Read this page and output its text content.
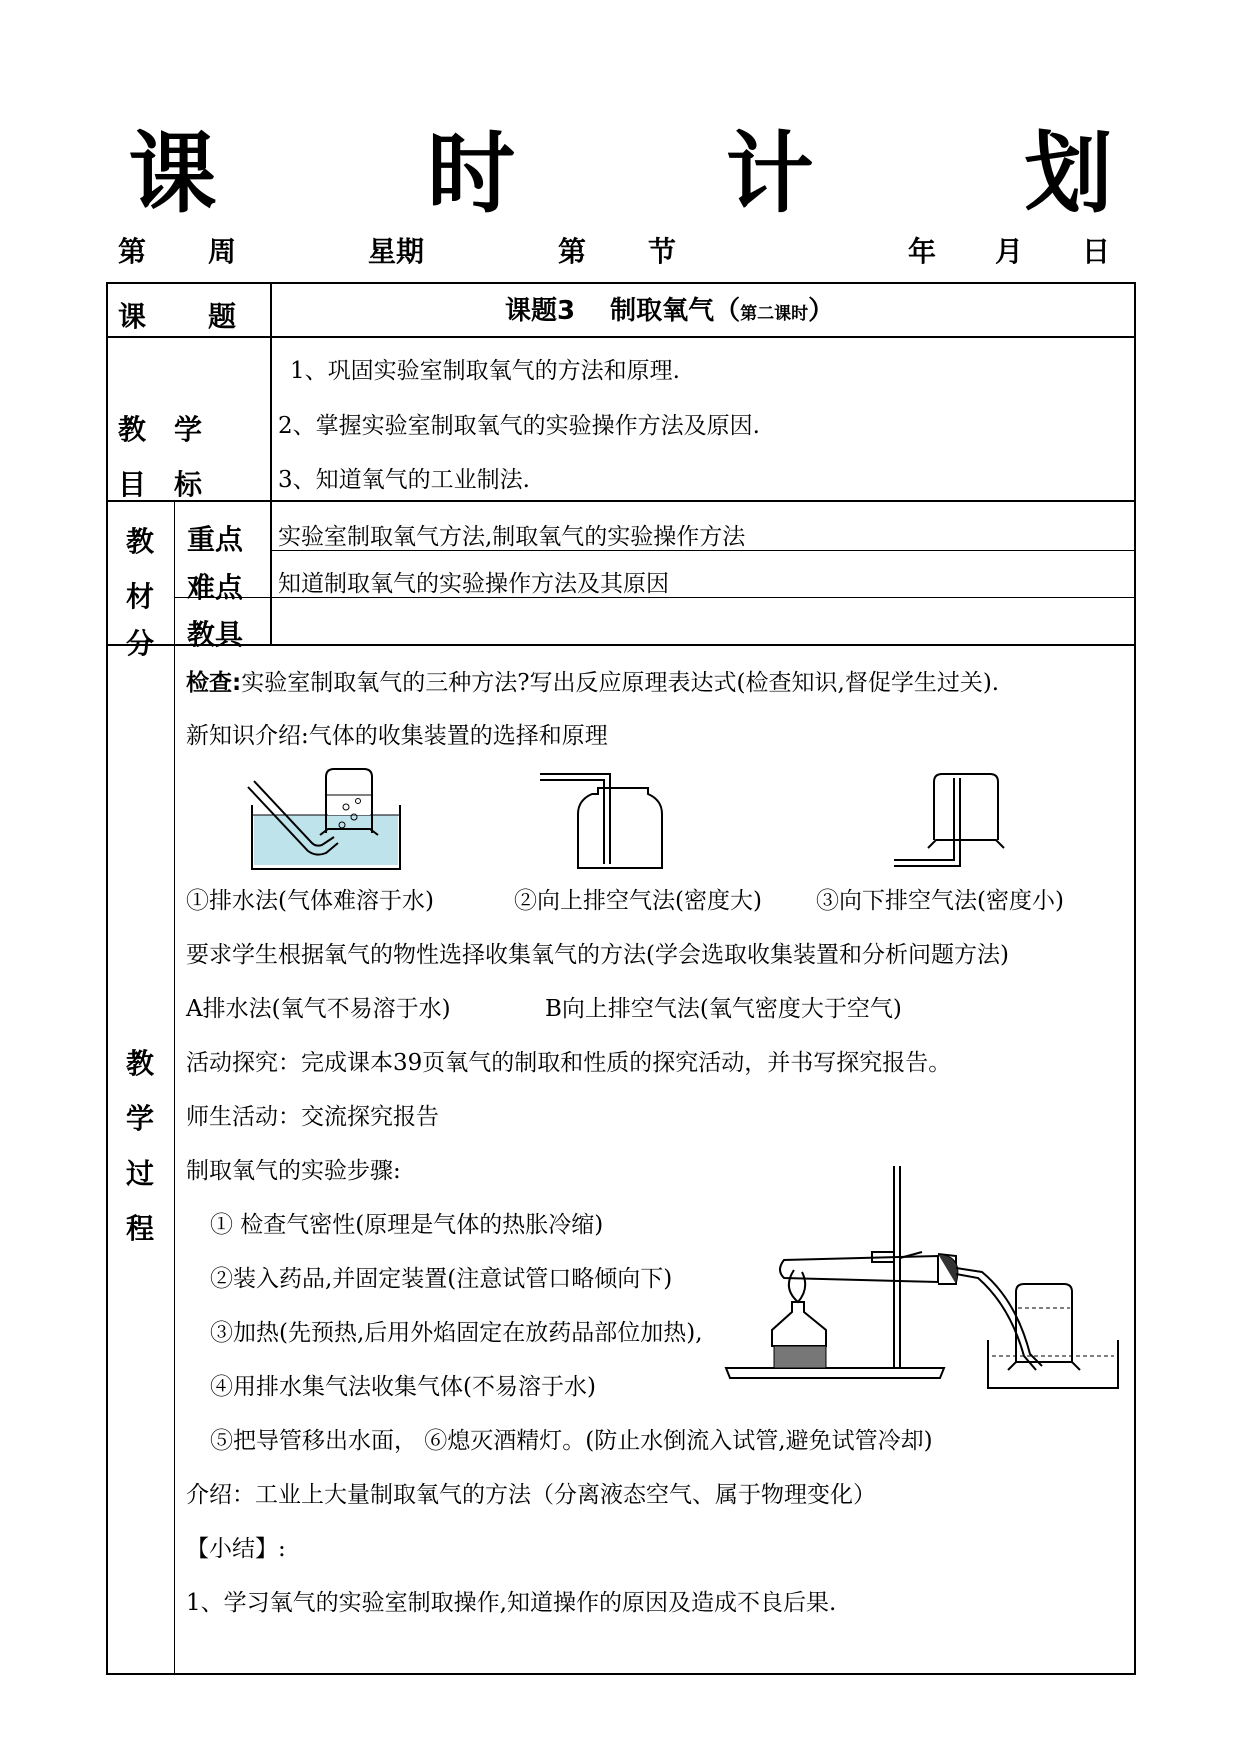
课 时 计 划
第 周	星期	第 节	年 月 日
课 题	课题3　 制取氧气（第二课时）
教　学
目　标
1、巩固实验室制取氧气的方法和原理.
2、掌握实验室制取氧气的实验操作方法及原因.
3、知道氧气的工业制法.
教
材
分
重点 实验室制取氧气方法,制取氧气的实验操作方法
难点 知道制取氧气的实验操作方法及其原因
教具
教
学
过
程
检查:实验室制取氧气的三种方法?写出反应原理表达式(检查知识,督促学生过关).
新知识介绍:气体的收集装置的选择和原理
①排水法(气体难溶于水)	②向上排空气法(密度大) ③向下排空气法(密度小)
要求学生根据氧气的物性选择收集氧气的方法(学会选取收集装置和分析问题方法)
A排水法(氧气不易溶于水)	B向上排空气法(氧气密度大于空气)
活动探究：完成课本39页氧气的制取和性质的探究活动，并书写探究报告。
师生活动：交流探究报告
制取氧气的实验步骤:
① 检查气密性(原理是气体的热胀冷缩)
②装入药品,并固定装置(注意试管口略倾向下)
③加热(先预热,后用外焰固定在放药品部位加热),
④用排水集气法收集气体(不易溶于水)
⑤把导管移出水面， ⑥熄灭酒精灯。(防止水倒流入试管,避免试管冷却)
介绍：工业上大量制取氧气的方法（分离液态空气、属于物理变化）
【小结】:
1、学习氧气的实验室制取操作,知道操作的原因及造成不良后果.
